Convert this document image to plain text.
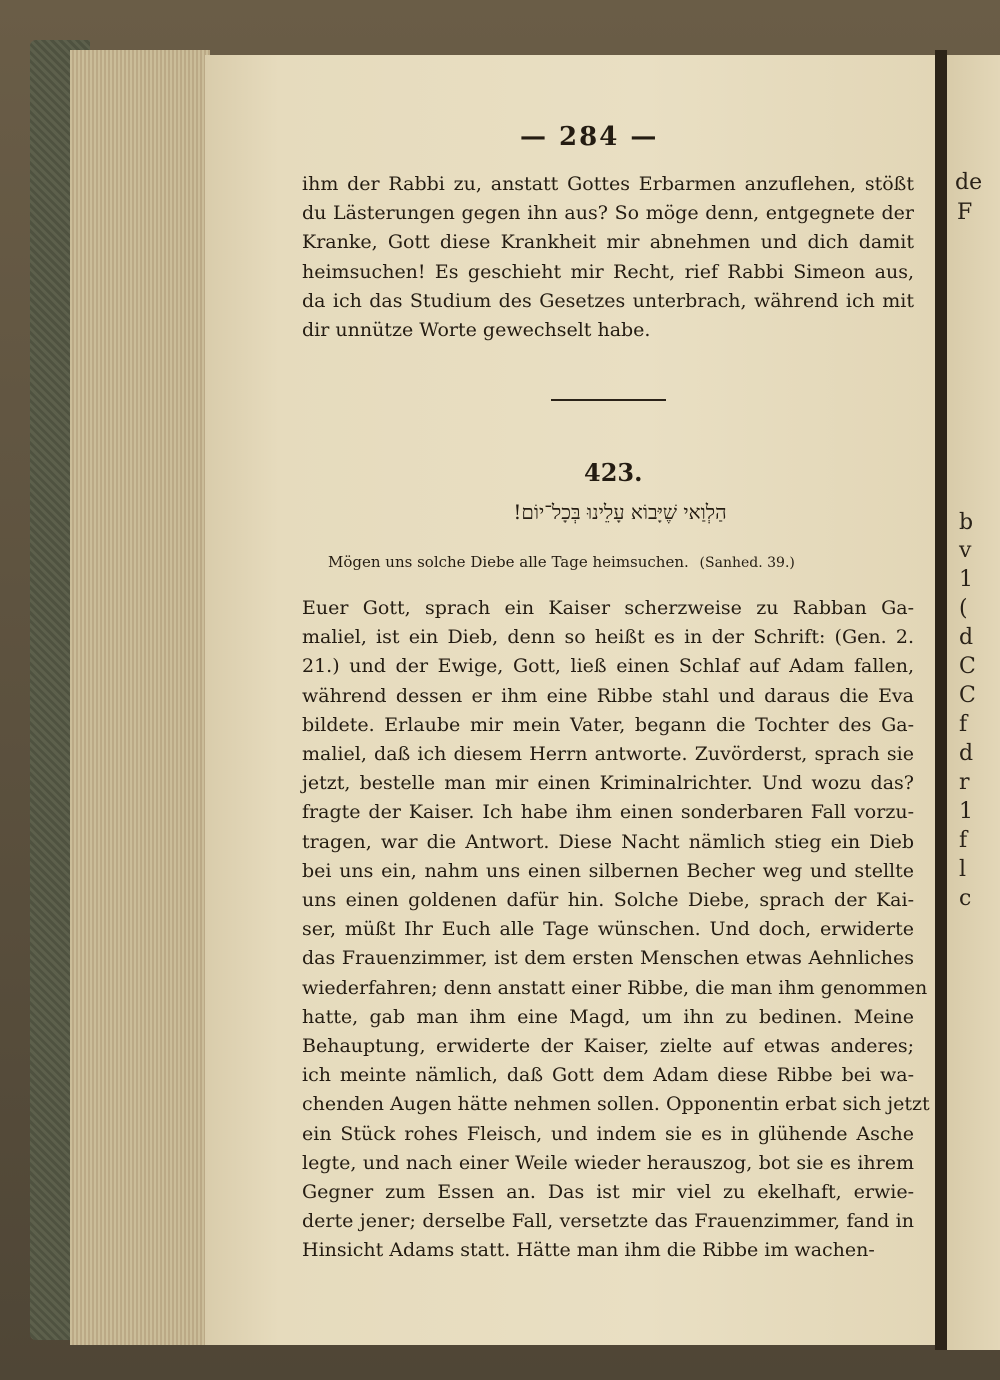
de
F
b
v
1
(
d
C
C
f
d
r
1
f
l
c
— 284 —
ihm der Rabbi zu, anstatt Gottes Erbarmen anzuflehen, stößt
du Lästerungen gegen ihn aus? So möge denn, entgegnete der
Kranke, Gott diese Krankheit mir abnehmen und dich damit
heimsuchen! Es geschieht mir Recht, rief Rabbi Simeon aus,
da ich das Studium des Gesetzes unterbrach, während ich mit
dir unnütze Worte gewechselt habe.
423.
הַלְוַאי שֶׁיָּבוֹא עָלֵינוּ בְּכָל־יוֹם!
Mögen uns solche Diebe alle Tage heimsuchen. (Sanhed. 39.)
Euer Gott, sprach ein Kaiser scherzweise zu Rabban Ga-
maliel, ist ein Dieb, denn so heißt es in der Schrift: (Gen. 2.
21.) und der Ewige, Gott, ließ einen Schlaf auf Adam fallen,
während dessen er ihm eine Ribbe stahl und daraus die Eva
bildete. Erlaube mir mein Vater, begann die Tochter des Ga-
maliel, daß ich diesem Herrn antworte. Zuvörderst, sprach sie
jetzt, bestelle man mir einen Kriminalrichter. Und wozu das?
fragte der Kaiser. Ich habe ihm einen sonderbaren Fall vorzu-
tragen, war die Antwort. Diese Nacht nämlich stieg ein Dieb
bei uns ein, nahm uns einen silbernen Becher weg und stellte
uns einen goldenen dafür hin. Solche Diebe, sprach der Kai-
ser, müßt Ihr Euch alle Tage wünschen. Und doch, erwiderte
das Frauenzimmer, ist dem ersten Menschen etwas Aehnliches
wiederfahren; denn anstatt einer Ribbe, die man ihm genommen
hatte, gab man ihm eine Magd, um ihn zu bedinen. Meine
Behauptung, erwiderte der Kaiser, zielte auf etwas anderes;
ich meinte nämlich, daß Gott dem Adam diese Ribbe bei wa-
chenden Augen hätte nehmen sollen. Opponentin erbat sich jetzt
ein Stück rohes Fleisch, und indem sie es in glühende Asche
legte, und nach einer Weile wieder herauszog, bot sie es ihrem
Gegner zum Essen an. Das ist mir viel zu ekelhaft, erwie-
derte jener; derselbe Fall, versetzte das Frauenzimmer, fand in
Hinsicht Adams statt. Hätte man ihm die Ribbe im wachen-
